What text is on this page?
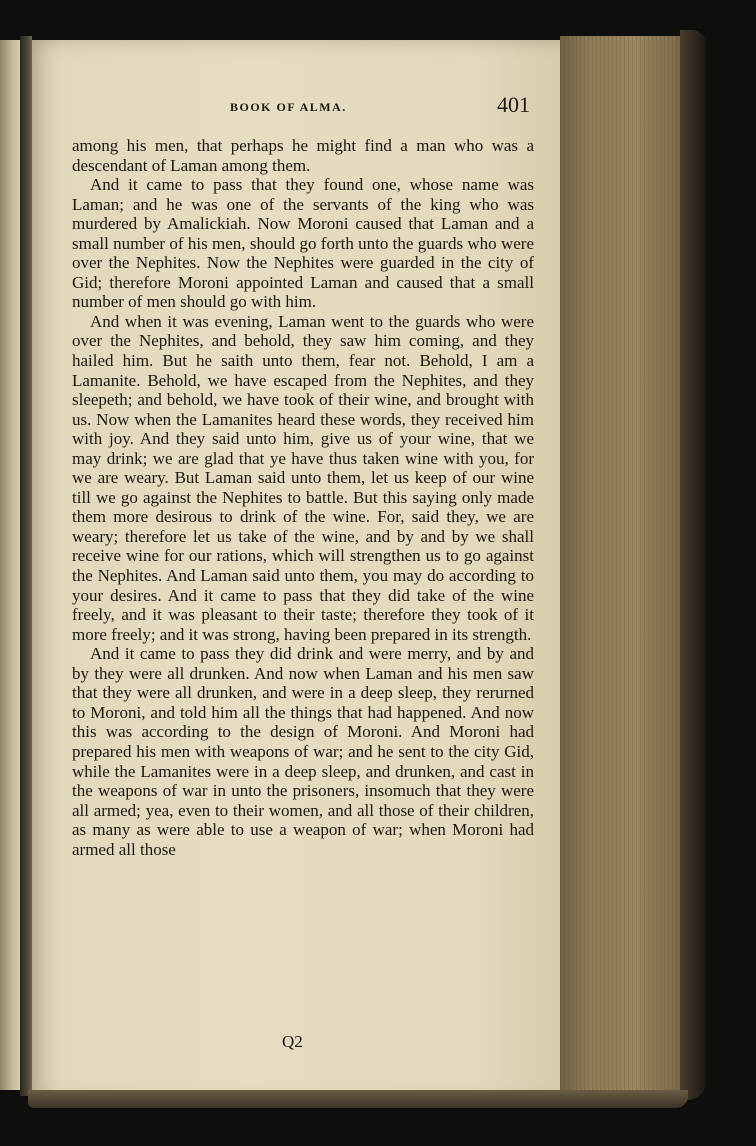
BOOK OF ALMA.	401

among his men, that perhaps he might find a man who was a descendant of Laman among them.

And it came to pass that they found one, whose name was Laman; and he was one of the servants of the king who was murdered by Amalickiah. Now Moroni caused that Laman and a small number of his men, should go forth unto the guards who were over the Nephites. Now the Nephites were guarded in the city of Gid; therefore Moroni appointed Laman and caused that a small number of men should go with him.

And when it was evening, Laman went to the guards who were over the Nephites, and behold, they saw him coming, and they hailed him. But he saith unto them, fear not. Behold, I am a Lamanite. Behold, we have escaped from the Nephites, and they sleepeth; and behold, we have took of their wine, and brought with us. Now when the Lamanites heard these words, they received him with joy. And they said unto him, give us of your wine, that we may drink; we are glad that ye have thus taken wine with you, for we are weary. But Laman said unto them, let us keep of our wine till we go against the Nephites to battle. But this saying only made them more desirous to drink of the wine. For, said they, we are weary; therefore let us take of the wine, and by and by we shall receive wine for our rations, which will strengthen us to go against the Nephites. And Laman said unto them, you may do according to your desires. And it came to pass that they did take of the wine freely, and it was pleasant to their taste; therefore they took of it more freely; and it was strong, having been prepared in its strength.

And it came to pass they did drink and were merry, and by and by they were all drunken. And now when Laman and his men saw that they were all drunken, and were in a deep sleep, they rerurned to Moroni, and told him all the things that had happened. And now this was according to the design of Moroni. And Moroni had prepared his men with weapons of war; and he sent to the city Gid, while the Lamanites were in a deep sleep, and drunken, and cast in the weapons of war in unto the prisoners, insomuch that they were all armed; yea, even to their women, and all those of their children, as many as were able to use a weapon of war; when Moroni had armed all those

Q2
